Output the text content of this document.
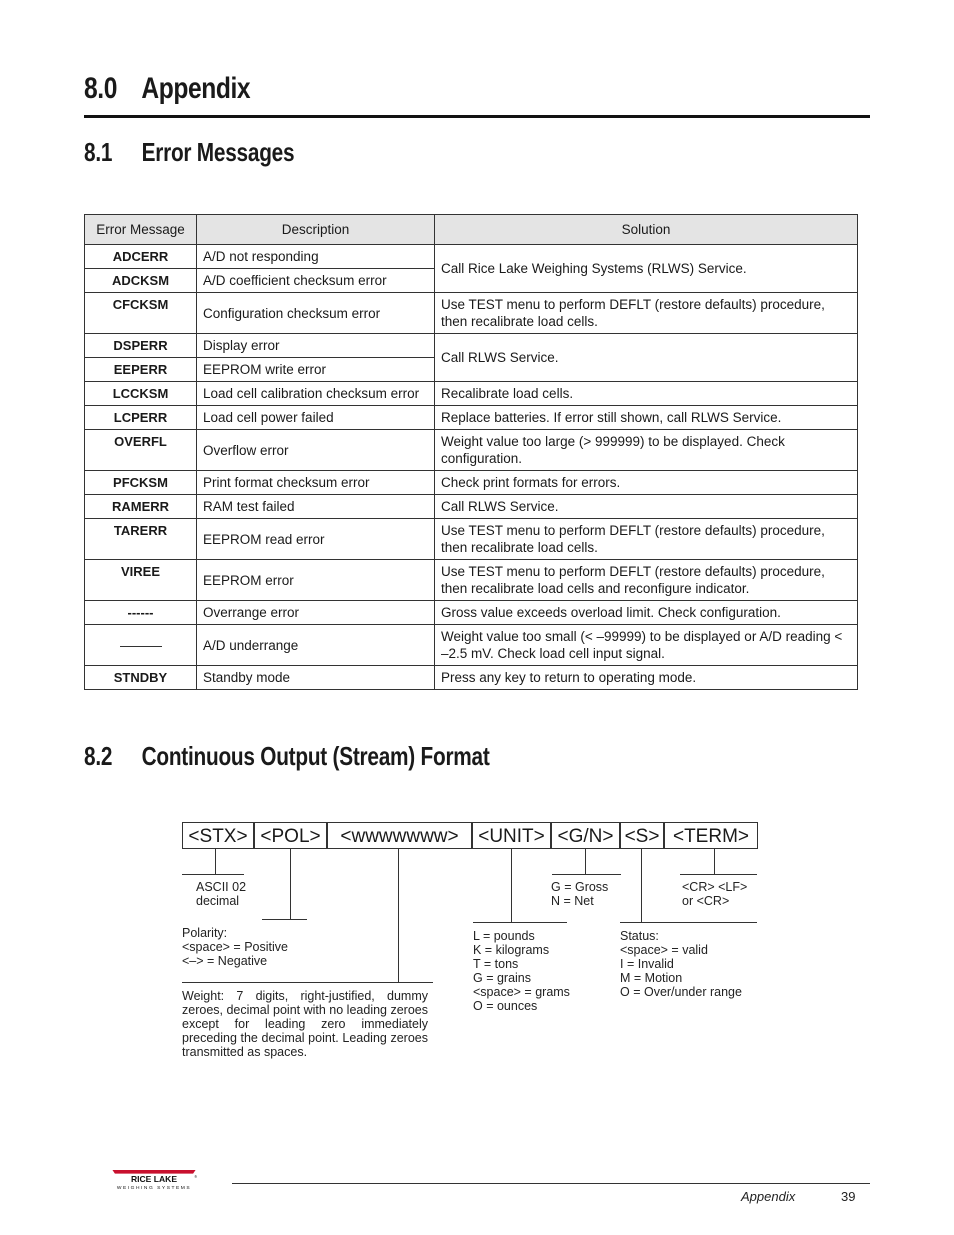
8.0 Appendix
8.1 Error Messages
Error Message	Description	Solution
ADCERR	A/D not responding	Call Rice Lake Weighing Systems (RLWS) Service.
ADCKSM	A/D coefficient checksum error	
CFCKSM	Configuration checksum error	Use TEST menu to perform DEFLT (restore defaults) procedure, then recalibrate load cells.
DSPERR	Display error	Call RLWS Service.
EEPERR	EEPROM write error	
LCCKSM	Load cell calibration checksum error	Recalibrate load cells.
LCPERR	Load cell power failed	Replace batteries. If error still shown, call RLWS Service.
OVERFL	Overflow error	Weight value too large (> 999999) to be displayed. Check configuration.
PFCKSM	Print format checksum error	Check print formats for errors.
RAMERR	RAM test failed	Call RLWS Service.
TARERR	EEPROM read error	Use TEST menu to perform DEFLT (restore defaults) procedure, then recalibrate load cells.
VIREE	EEPROM error	Use TEST menu to perform DEFLT (restore defaults) procedure, then recalibrate load cells and reconfigure indicator.
------	Overrange error	Gross value exceeds overload limit. Check configuration.
	A/D underrange	Weight value too small (< –99999) to be displayed or A/D reading < –2.5 mV. Check load cell input signal.
STNDBY	Standby mode	Press any key to return to operating mode.
8.2 Continuous Output (Stream) Format
<STX> <POL>	<wwwwwww>	<UNIT> <G/N> <S> <TERM>
ASCII 02
decimal
G = Gross
N = Net
<CR> <LF>
or <CR>
Polarity:
<space> = Positive
<–> = Negative
L = pounds
K = kilograms
T = tons
G = grains
<space> = grams
O = ounces
Status:
<space> = valid
I = Invalid
M = Motion
O = Over/under range
Weight: 7 digits, right-justified, dummy zeroes, decimal point with no leading zeroes except for leading zero immediately preceding the decimal point. Leading zeroes transmitted as spaces.
RICE LAKE	®
WEIGHING SYSTEMS
Appendix	39
